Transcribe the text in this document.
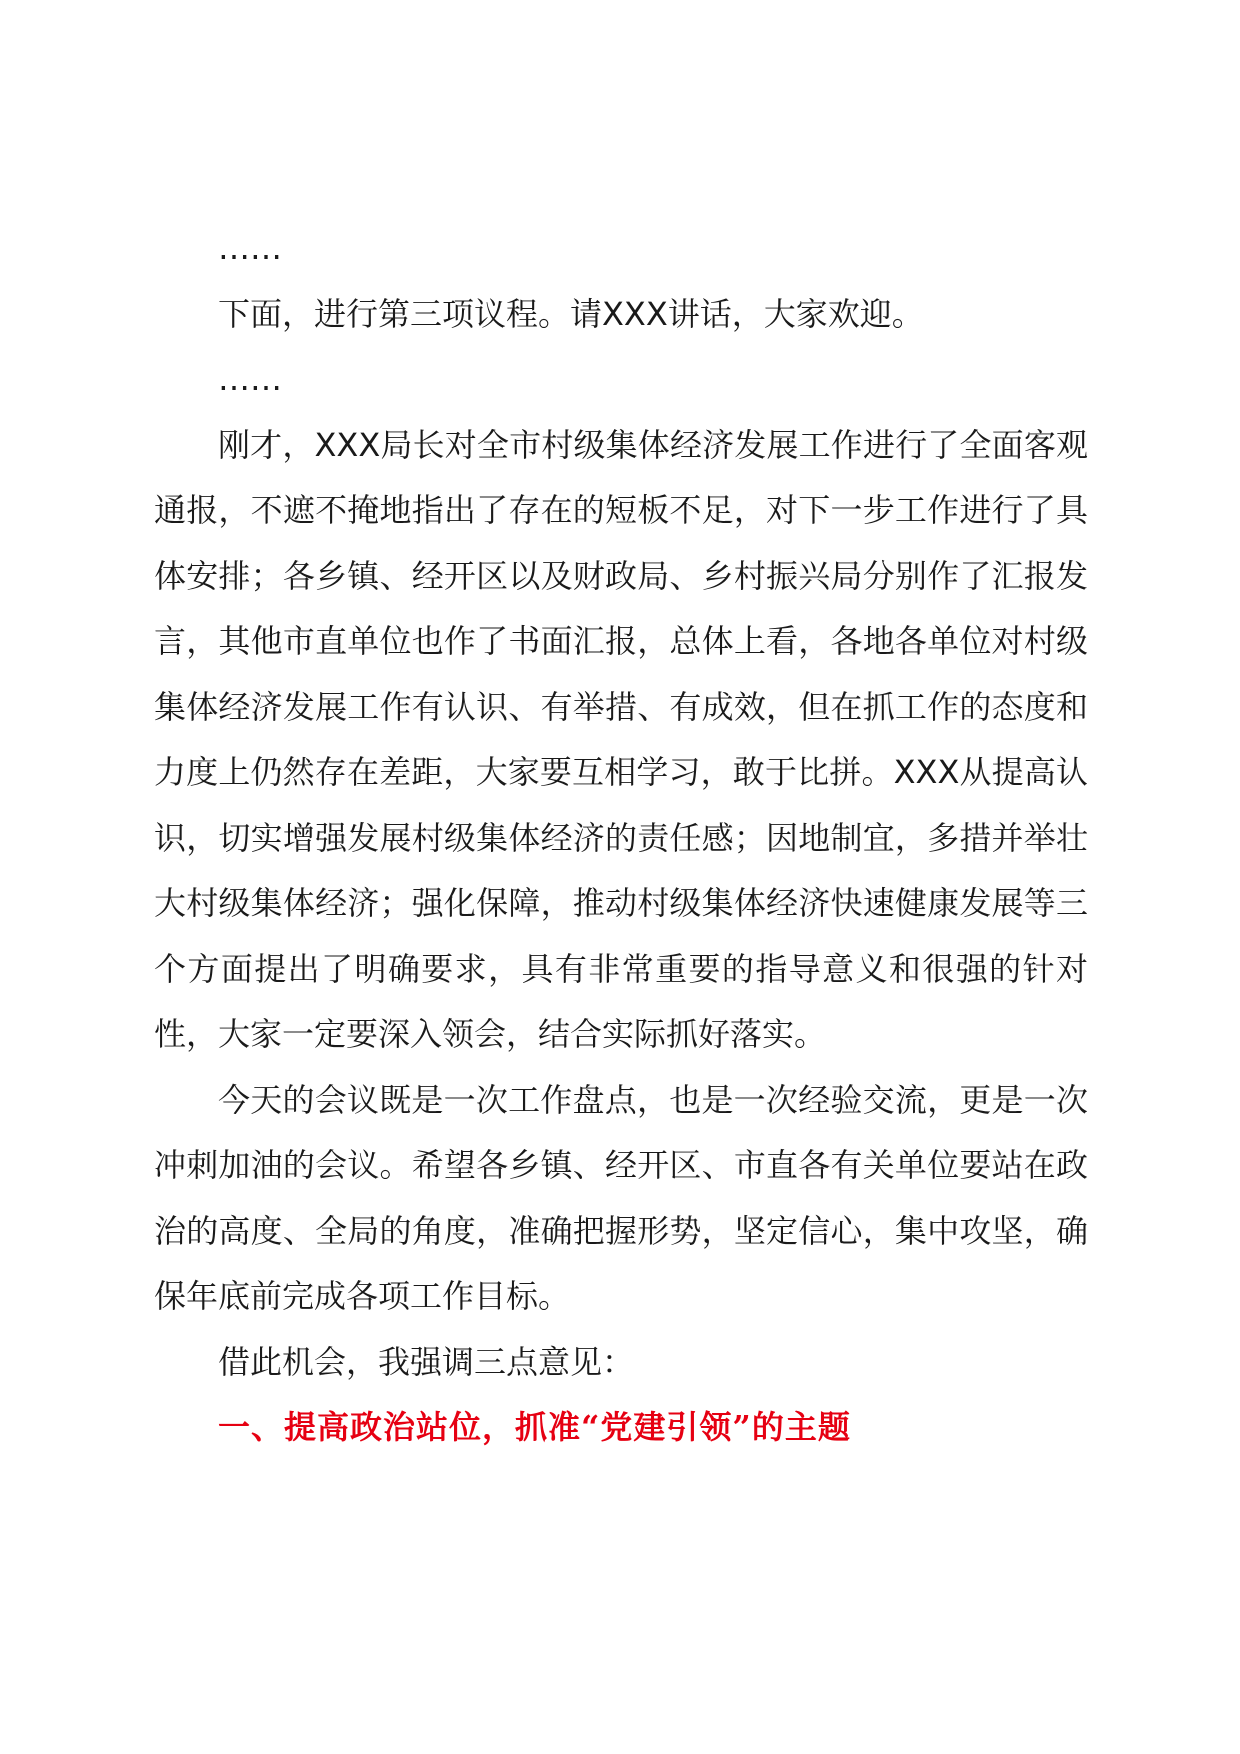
……

下面，进行第三项议程。请XXX讲话，大家欢迎。

……

刚才，XXX局长对全市村级集体经济发展工作进行了全面客观通报，不遮不掩地指出了存在的短板不足，对下一步工作进行了具体安排；各乡镇、经开区以及财政局、乡村振兴局分别作了汇报发言，其他市直单位也作了书面汇报，总体上看，各地各单位对村级集体经济发展工作有认识、有举措、有成效，但在抓工作的态度和力度上仍然存在差距，大家要互相学习，敢于比拼。XXX从提高认识，切实增强发展村级集体经济的责任感；因地制宜，多措并举壮大村级集体经济；强化保障，推动村级集体经济快速健康发展等三个方面提出了明确要求，具有非常重要的指导意义和很强的针对性，大家一定要深入领会，结合实际抓好落实。

今天的会议既是一次工作盘点，也是一次经验交流，更是一次冲刺加油的会议。希望各乡镇、经开区、市直各有关单位要站在政治的高度、全局的角度，准确把握形势，坚定信心，集中攻坚，确保年底前完成各项工作目标。

借此机会，我强调三点意见：

一、提高政治站位，抓准“党建引领”的主题
